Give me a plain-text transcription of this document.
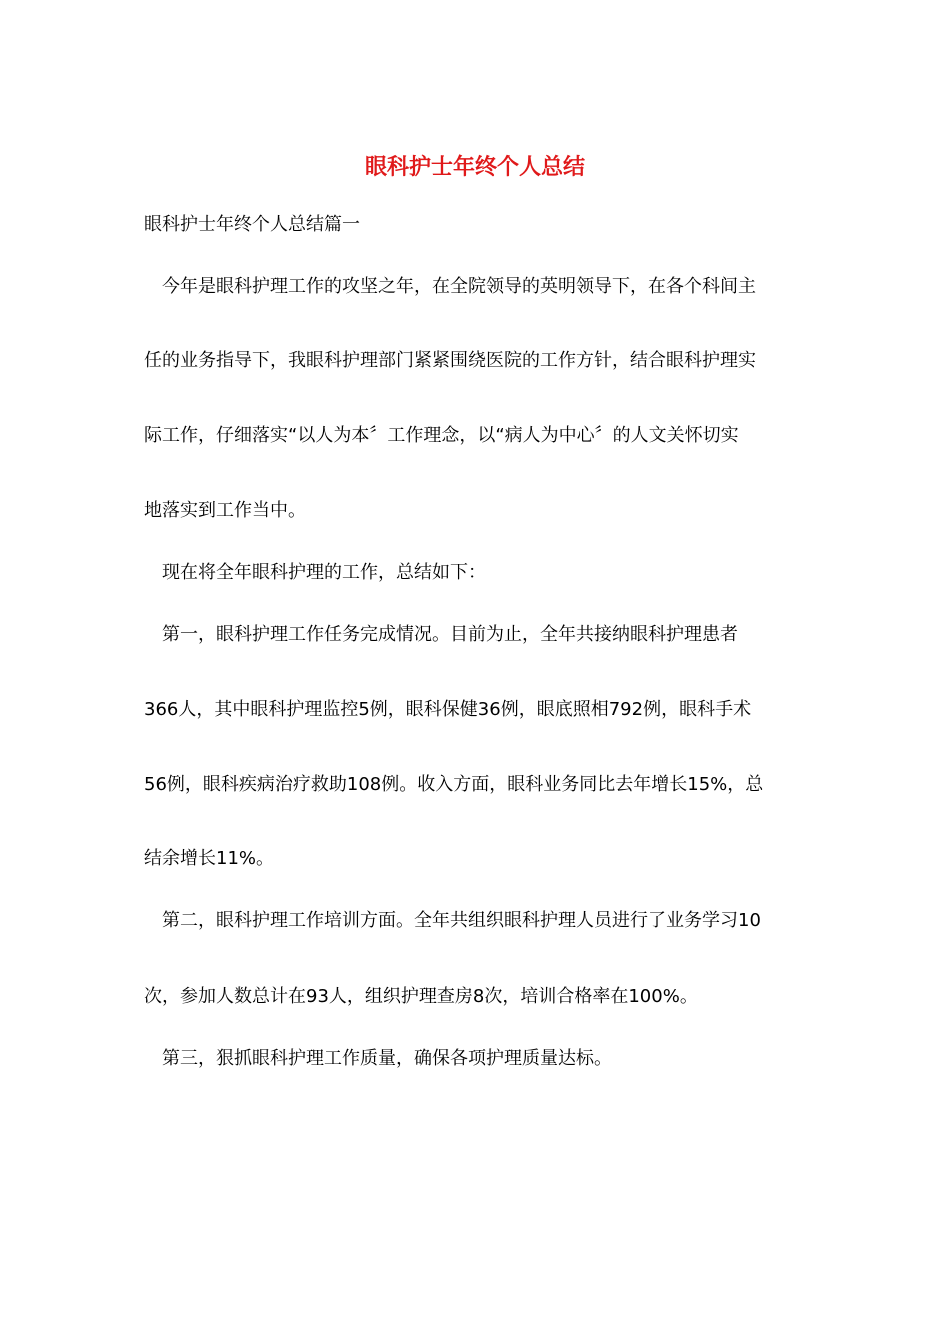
眼科护士年终个人总结
眼科护士年终个人总结篇一
今年是眼科护理工作的攻坚之年，在全院领导的英明领导下，在各个科间主
任的业务指导下，我眼科护理部门紧紧围绕医院的工作方针，结合眼科护理实
际工作，仔细落实“以人为本〞工作理念，以“病人为中心〞的人文关怀切实
地落实到工作当中。
现在将全年眼科护理的工作，总结如下：
第一，眼科护理工作任务完成情况。目前为止，全年共接纳眼科护理患者
366人，其中眼科护理监控5例，眼科保健36例，眼底照相792例，眼科手术
56例，眼科疾病治疗救助108例。收入方面，眼科业务同比去年增长15%，总
结余增长11%。
第二，眼科护理工作培训方面。全年共组织眼科护理人员进行了业务学习10
次，参加人数总计在93人，组织护理查房8次，培训合格率在100%。
第三，狠抓眼科护理工作质量，确保各项护理质量达标。
